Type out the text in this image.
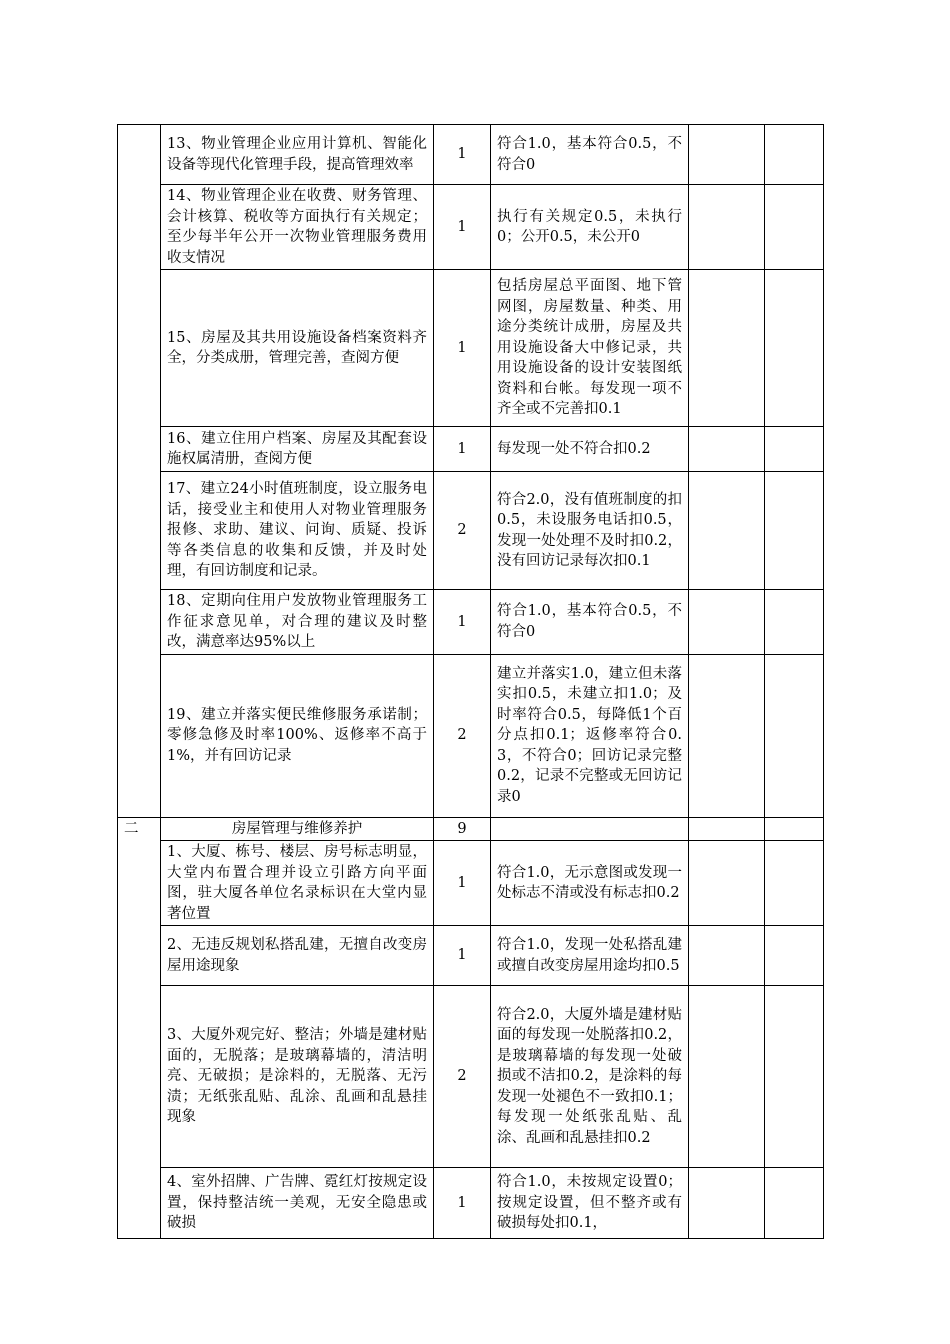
	13、物业管理企业应用计算机、智能化设备等现代化管理手段，提高管理效率	1	符合1.0，基本符合0.5，不符合0		
	14、物业管理企业在收费、财务管理、会计核算、税收等方面执行有关规定；至少每半年公开一次物业管理服务费用收支情况	1	执行有关规定0.5，未执行0；公开0.5，未公开0		
	15、房屋及其共用设施设备档案资料齐全，分类成册，管理完善，查阅方便	1	包括房屋总平面图、地下管网图，房屋数量、种类、用途分类统计成册，房屋及共用设施设备大中修记录，共用设施设备的设计安装图纸资料和台帐。每发现一项不齐全或不完善扣0.1		
	16、建立住用户档案、房屋及其配套设施权属清册，查阅方便	1	每发现一处不符合扣0.2		
	17、建立24小时值班制度，设立服务电话，接受业主和使用人对物业管理服务报修、求助、建议、问询、质疑、投诉等各类信息的收集和反馈，并及时处理，有回访制度和记录。	2	符合2.0，没有值班制度的扣0.5，未设服务电话扣0.5，发现一处处理不及时扣0.2，没有回访记录每次扣0.1		
	18、定期向住用户发放物业管理服务工作征求意见单，对合理的建议及时整改，满意率达95%以上	1	符合1.0，基本符合0.5，不符合0		
	19、建立并落实便民维修服务承诺制；零修急修及时率100%、返修率不高于1%，并有回访记录	2	建立并落实1.0，建立但未落实扣0.5，未建立扣1.0；及时率符合0.5，每降低1个百分点扣0.1；返修率符合0.3，不符合0；回访记录完整0.2，记录不完整或无回访记录0		
二	房屋管理与维修养护	9			
	1、大厦、栋号、楼层、房号标志明显，大堂内布置合理并设立引路方向平面图，驻大厦各单位名录标识在大堂内显著位置	1	符合1.0，无示意图或发现一处标志不清或没有标志扣0.2		
	2、无违反规划私搭乱建，无擅自改变房屋用途现象	1	符合1.0，发现一处私搭乱建或擅自改变房屋用途均扣0.5		
	3、大厦外观完好、整洁；外墙是建材贴面的，无脱落；是玻璃幕墙的，清洁明亮、无破损；是涂料的，无脱落、无污渍；无纸张乱贴、乱涂、乱画和乱悬挂现象	2	符合2.0，大厦外墙是建材贴面的每发现一处脱落扣0.2，是玻璃幕墙的每发现一处破损或不洁扣0.2，是涂料的每发现一处褪色不一致扣0.1；每发现一处纸张乱贴、乱涂、乱画和乱悬挂扣0.2		
	4、室外招牌、广告牌、霓红灯按规定设置，保持整洁统一美观，无安全隐患或破损	1	符合1.0，未按规定设置0；按规定设置，但不整齐或有破损每处扣0.1，		
